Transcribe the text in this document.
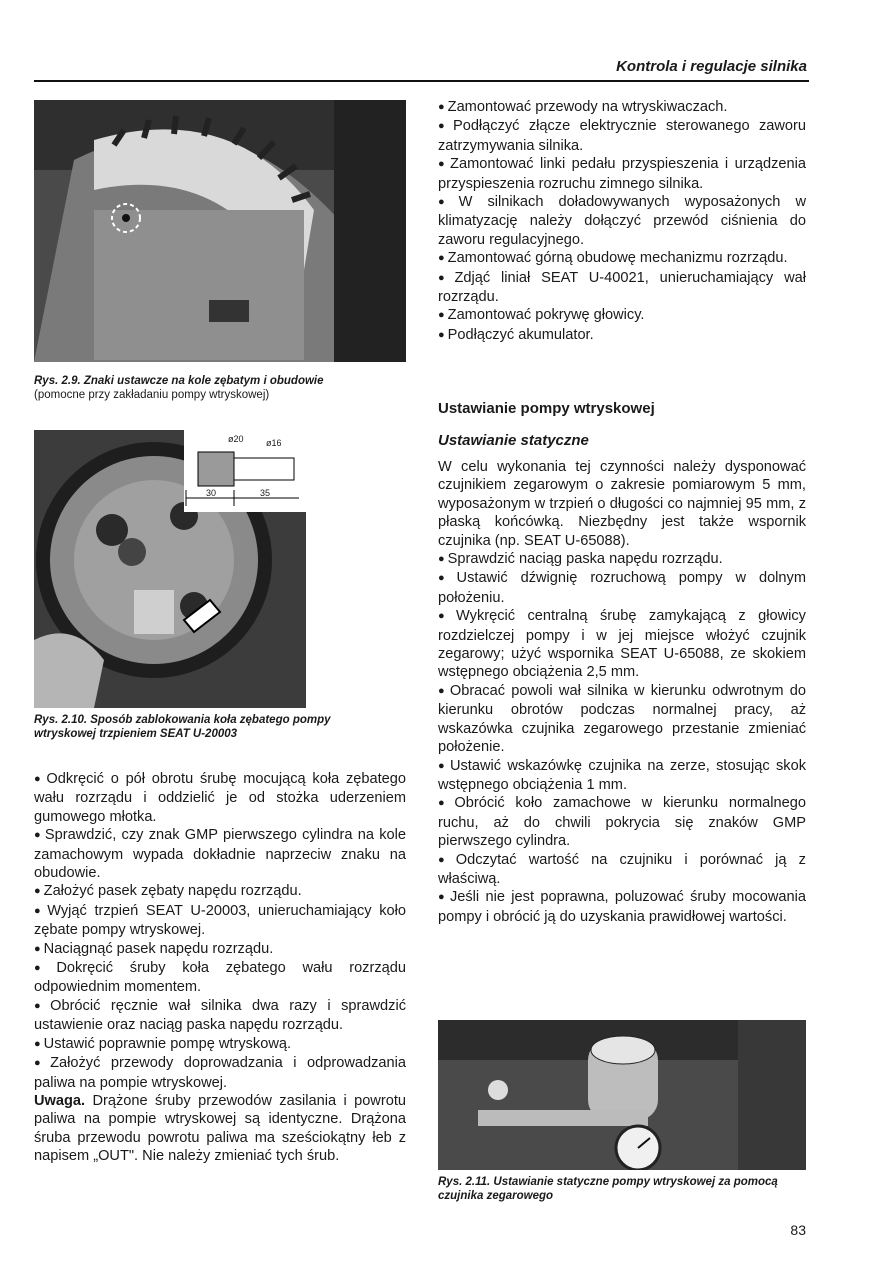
Kontrola i regulacje silnika
Rys. 2.9. Znaki ustawcze na kole zębatym i obudowie
(pomocne przy zakładaniu pompy wtryskowej)
ø20 ø16
30	35
Rys. 2.10. Sposób zablokowania koła zębatego pompy wtryskowej trzpieniem SEAT U-20003

● Odkręcić o pół obrotu śrubę mocującą koła zębatego wału rozrządu i oddzielić je od stożka uderzeniem gumowego młotka.

● Sprawdzić, czy znak GMP pierwszego cylindra na kole zamachowym wypada dokładnie naprzeciw znaku na obudowie.

● Założyć pasek zębaty napędu rozrządu.

● Wyjąć trzpień SEAT U-20003, unieruchamiający koło zębate pompy wtryskowej.

● Naciągnąć pasek napędu rozrządu.

● Dokręcić śruby koła zębatego wału rozrządu odpowiednim momentem.

● Obrócić ręcznie wał silnika dwa razy i sprawdzić ustawienie oraz naciąg paska napędu rozrządu.

● Ustawić poprawnie pompę wtryskową.

● Założyć przewody doprowadzania i odprowadzania paliwa na pompie wtryskowej.

Uwaga. Drążone śruby przewodów zasilania i powrotu paliwa na pompie wtryskowej są identyczne. Drążona śruba przewodu powrotu paliwa ma sześciokątny łeb z napisem „OUT". Nie należy zmieniać tych śrub.

● Zamontować przewody na wtryskiwaczach.

● Podłączyć złącze elektrycznie sterowanego zaworu zatrzymywania silnika.

● Zamontować linki pedału przyspieszenia i urządzenia przyspieszenia rozruchu zimnego silnika.

● W silnikach doładowywanych wyposażonych w klimatyzację należy dołączyć przewód ciśnienia do zaworu regulacyjnego.

● Zamontować górną obudowę mechanizmu rozrządu.

● Zdjąć liniał SEAT U-40021, unieruchamiający wał rozrządu.

● Zamontować pokrywę głowicy.

● Podłączyć akumulator.

Ustawianie pompy wtryskowej
Ustawianie statyczne

W celu wykonania tej czynności należy dysponować czujnikiem zegarowym o zakresie pomiarowym 5 mm, wyposażonym w trzpień o długości co najmniej 95 mm, z płaską końcówką. Niezbędny jest także wspornik czujnika (np. SEAT U-65088).

● Sprawdzić naciąg paska napędu rozrządu.

● Ustawić dźwignię rozruchową pompy w dolnym położeniu.

● Wykręcić centralną śrubę zamykającą z głowicy rozdzielczej pompy i w jej miejsce włożyć czujnik zegarowy; użyć wspornika SEAT U-65088, ze skokiem wstępnego obciążenia 2,5 mm.

● Obracać powoli wał silnika w kierunku odwrotnym do kierunku obrotów podczas normalnej pracy, aż wskazówka czujnika zegarowego przestanie zmieniać położenie.

● Ustawić wskazówkę czujnika na zerze, stosując skok wstępnego obciążenia 1 mm.

● Obrócić koło zamachowe w kierunku normalnego ruchu, aż do chwili pokrycia się znaków GMP pierwszego cylindra.

● Odczytać wartość na czujniku i porównać ją z właściwą.

● Jeśli nie jest poprawna, poluzować śruby mocowania pompy i obrócić ją do uzyskania prawidłowej wartości.

Rys. 2.11. Ustawianie statyczne pompy wtryskowej za pomocą czujnika zegarowego
83
